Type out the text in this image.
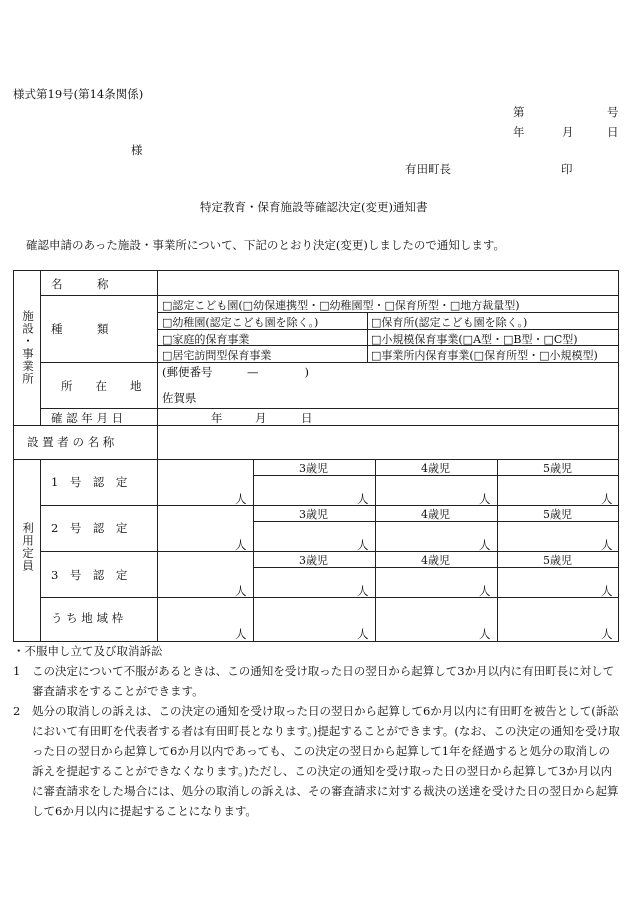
様式第19号(第14条関係)
第	号
年	月	日
様
有田町長	印
特定教育・保育施設等確認決定(変更)通知書
確認申請のあった施設・事業所について、下記のとおり決定(変更)しましたので通知します。
施設・事業所
名　　　称
種　　　類
□認定こども園(□幼保連携型・□幼稚園型・□保育所型・□地方裁量型)
□幼稚園(認定こども園を除く。)	□保育所(認定こども園を除く。)
□家庭的保育事業	□小規模保育事業(□A型・□B型・□C型)
□居宅訪問型保育事業	□事業所内保育事業(□保育所型・□小規模型)
所　　在　　地
(郵便番号　　　—　　　　)
佐賀県
確 認 年 月 日	年	月	日
設 置 者 の 名 称
利用定員
1　号　認　定
3歳児	4歳児	5歳児
人	人	人	人
2　号　認　定
3歳児	4歳児	5歳児
人	人	人	人
3　号　認　定
3歳児	4歳児	5歳児
人	人	人	人
う ち 地 域 枠
人	人	人	人
・不服申し立て及び取消訴訟
1	この決定について不服があるときは、この通知を受け取った日の翌日から起算して3か月以内に有田町長に対して審査請求をすることができます。
2	処分の取消しの訴えは、この決定の通知を受け取った日の翌日から起算して6か月以内に有田町を被告として(訴訟において有田町を代表者する者は有田町長となります。)提起することができます。(なお、この決定の通知を受け取った日の翌日から起算して6か月以内であっても、この決定の翌日から起算して1年を経過すると処分の取消しの訴えを提起することができなくなります。)ただし、この決定の通知を受け取った日の翌日から起算して3か月以内に審査請求をした場合には、処分の取消しの訴えは、その審査請求に対する裁決の送達を受けた日の翌日から起算して6か月以内に提起することになります。
